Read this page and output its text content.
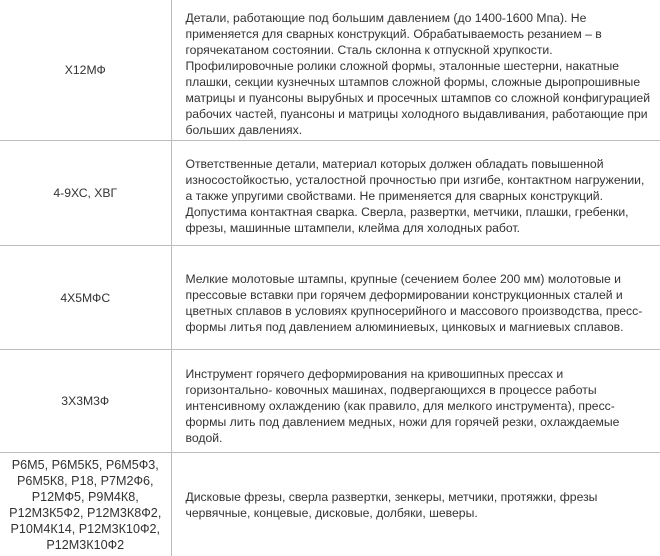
Х12МФ	Детали, работающие под большим давлением (до 1400-1600 Мпа). Не применяется для сварных конструкций. Обрабатываемость резанием – в горячекатаном состоянии. Сталь склонна к отпускной хрупкости. Профилировочные ролики сложной формы, эталонные шестерни, накатные плашки, секции кузнечных штампов сложной формы, сложные дыропрошивные матрицы и пуансоны вырубных и просечных штампов со сложной конфигурацией рабочих частей, пуансоны и матрицы холодного выдавливания, работающие при больших давлениях.
4-9ХС, ХВГ	Ответственные детали, материал которых должен обладать повышенной износостойкостью, усталостной прочностью при изгибе, контактном нагружении, а также упругими свойствами. Не применяется для сварных конструкций. Допустима контактная сварка. Сверла, развертки, метчики, плашки, гребенки, фрезы, машинные штампели, клейма для холодных работ.
4Х5МФС	Мелкие молотовые штампы, крупные (сечением более 200 мм) молотовые и прессовые вставки при горячем деформировании конструкционных сталей и цветных сплавов в условиях крупносерийного и массового производства, пресс-формы литья под давлением алюминиевых, цинковых и магниевых сплавов.
3Х3М3Ф	Инструмент горячего деформирования на кривошипных прессах и горизонтально- ковочных машинах, подвергающихся в процессе работы интенсивному охлаждению (как правило, для мелкого инструмента), пресс-формы лить под давлением медных, ножи для горячей резки, охлаждаемые водой.
Р6М5, Р6М5К5, Р6М5Ф3, Р6М5К8, Р18, Р7М2Ф6, Р12МФ5, Р9М4К8, Р12М3К5Ф2, Р12М3К8Ф2, Р10М4К14, Р12М3К10Ф2, Р12М3К10Ф2	Дисковые фрезы, сверла развертки, зенкеры, метчики, протяжки, фрезы червячные, концевые, дисковые, долбяки, шеверы.
